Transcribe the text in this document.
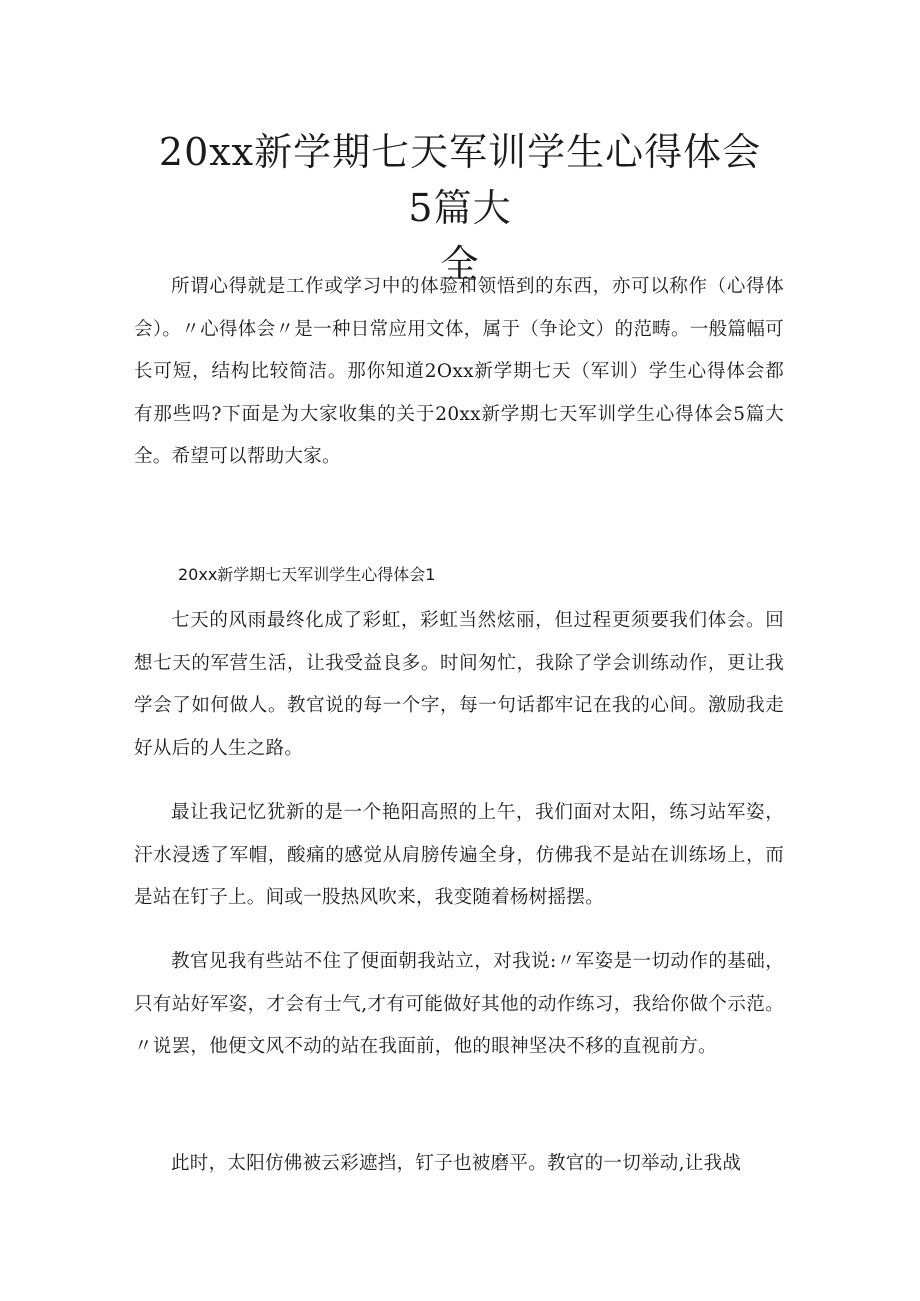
20xx新学期七天军训学生心得体会5篇大
全

所谓心得就是工作或学习中的体验和领悟到的东西，亦可以称作（心得体会）。〃心得体会〃是一种日常应用文体，属于（争论文）的范畴。一般篇幅可长可短，结构比较简洁。那你知道2Oxx新学期七天（军训）学生心得体会都有那些吗?下面是为大家收集的关于20xx新学期七天军训学生心得体会5篇大全。希望可以帮助大家。

20xx新学期七天军训学生心得体会1

七天的风雨最终化成了彩虹，彩虹当然炫丽，但过程更须要我们体会。回想七天的军营生活，让我受益良多。时间匆忙，我除了学会训练动作，更让我学会了如何做人。教官说的每一个字，每一句话都牢记在我的心间。激励我走好从后的人生之路。

最让我记忆犹新的是一个艳阳高照的上午，我们面对太阳，练习站军姿，汗水浸透了军帽，酸痛的感觉从肩膀传遍全身，仿佛我不是站在训练场上，而是站在钉子上。间或一股热风吹来，我变随着杨树摇摆。

教官见我有些站不住了便面朝我站立，对我说:〃军姿是一切动作的基础，只有站好军姿，才会有士气,才有可能做好其他的动作练习，我给你做个示范。〃说罢，他便文风不动的站在我面前，他的眼神坚决不移的直视前方。

此时，太阳仿佛被云彩遮挡，钉子也被磨平。教官的一切举动,让我战
